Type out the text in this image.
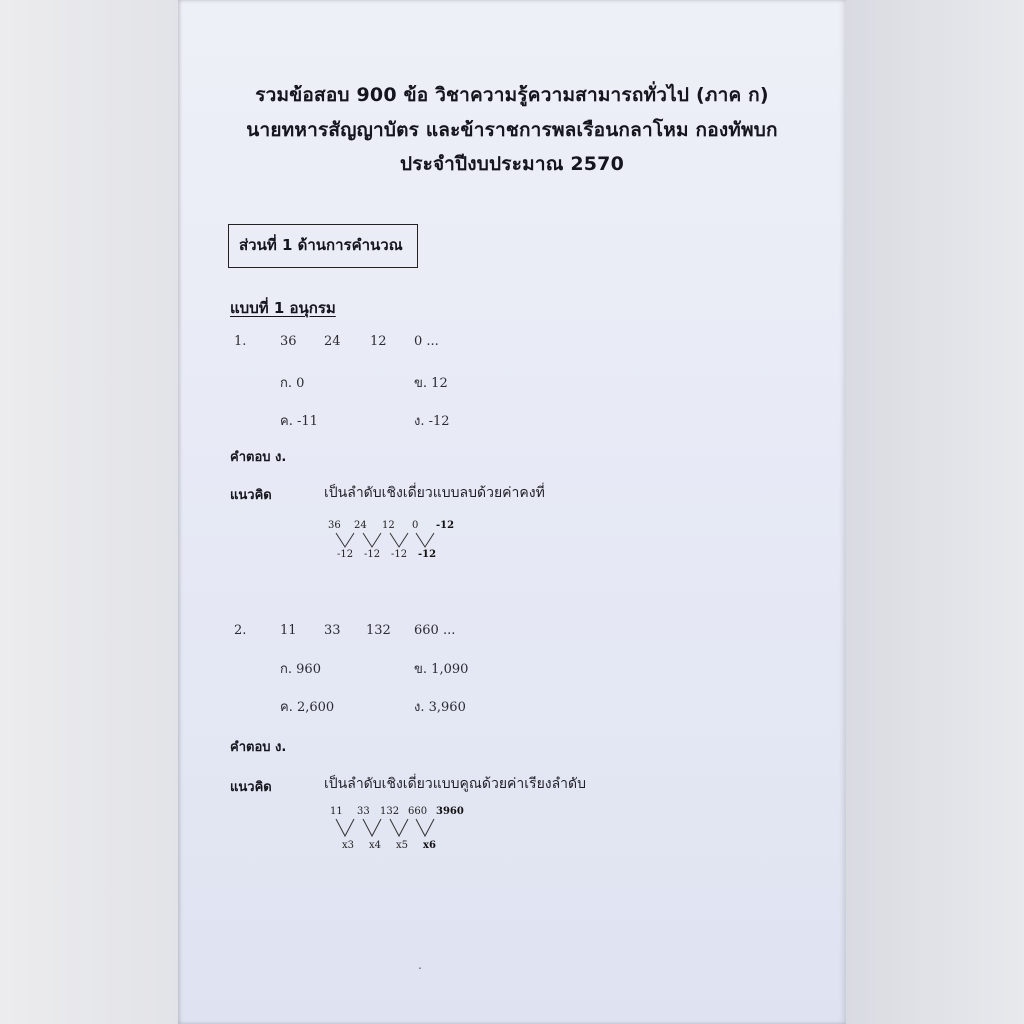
รวมข้อสอบ 900 ข้อ วิชาความรู้ความสามารถทั่วไป (ภาค ก)
นายทหารสัญญาบัตร และข้าราชการพลเรือนกลาโหม กองทัพบก
ประจำปีงบประมาณ 2570
ส่วนที่ 1 ด้านการคำนวณ
แบบที่ 1 อนุกรม
1.	36 24 12 0 ...
ก. 0	ข. 12
ค. -11	ง. -12
คำตอบ ง.
แนวคิด	เป็นลำดับเชิงเดี่ยวแบบลบด้วยค่าคงที่
36 24 12 0 -12
-12 -12 -12 -12
2.	11 33 132 660 ...
ก. 960	ข. 1,090
ค. 2,600	ง. 3,960
คำตอบ ง.
แนวคิด	เป็นลำดับเชิงเดี่ยวแบบคูณด้วยค่าเรียงลำดับ
11 33 132 660 3960
x3 x4 x5 x6
.
